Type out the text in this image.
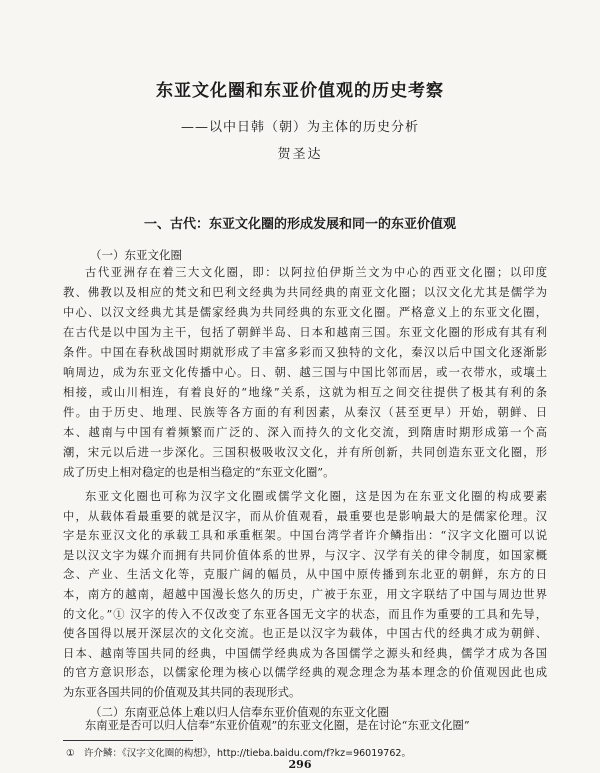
东亚文化圈和东亚价值观的历史考察
——以中日韩（朝）为主体的历史分析
贺圣达
一、古代：东亚文化圈的形成发展和同一的东亚价值观
（一）东亚文化圈
古代亚洲存在着三大文化圈，即：以阿拉伯伊斯兰文为中心的西亚文化圈；以印度
教、佛教以及相应的梵文和巴利文经典为共同经典的南亚文化圈；以汉文化尤其是儒学为
中心、以汉文经典尤其是儒家经典为共同经典的东亚文化圈。严格意义上的东亚文化圈，
在古代是以中国为主干，包括了朝鲜半岛、日本和越南三国。东亚文化圈的形成有其有利
条件。中国在春秋战国时期就形成了丰富多彩而又独特的文化，秦汉以后中国文化逐渐影
响周边，成为东亚文化传播中心。日、朝、越三国与中国比邻而居，或一衣带水，或壤土
相接，或山川相连，有着良好的“地缘”关系，这就为相互之间交往提供了极其有利的条
件。由于历史、地理、民族等各方面的有利因素，从秦汉（甚至更早）开始，朝鲜、日
本、越南与中国有着频繁而广泛的、深入而持久的文化交流，到隋唐时期形成第一个高
潮，宋元以后进一步深化。三国积极吸收汉文化，并有所创新，共同创造东亚文化圈，形
成了历史上相对稳定的也是相当稳定的“东亚文化圈”。
东亚文化圈也可称为汉字文化圈或儒学文化圈，这是因为在东亚文化圈的构成要素
中，从载体看最重要的就是汉字，而从价值观看，最重要也是影响最大的是儒家伦理。汉
字是东亚汉文化的承载工具和承重框架。中国台湾学者许介鳞指出：“汉字文化圈可以说
是以汉文字为媒介而拥有共同价值体系的世界，与汉字、汉学有关的律令制度，如国家概
念、产业、生活文化等，克服广阔的幅员，从中国中原传播到东北亚的朝鲜，东方的日
本，南方的越南，超越中国漫长悠久的历史，广被于东亚，用文字联结了中国与周边世界
的文化。”① 汉字的传入不仅改变了东亚各国无文字的状态，而且作为重要的工具和先导，
使各国得以展开深层次的文化交流。也正是以汉字为载体，中国古代的经典才成为朝鲜、
日本、越南等国共同的经典，中国儒学经典成为各国儒学之源头和经典，儒学才成为各国
的官方意识形态，以儒家伦理为核心以儒学经典的观念理念为基本理念的价值观因此也成
为东亚各国共同的价值观及其共同的表现形式。
①　许介鳞：《汉字文化圈的构想》，http://tieba.baidu.com/f?kz=96019762。
296
（二）东南亚总体上难以归人信奉东亚价值观的东亚文化圈
东南亚是否可以归人信奉“东亚价值观”的东亚文化圈，是在讨论“东亚文化圈”
